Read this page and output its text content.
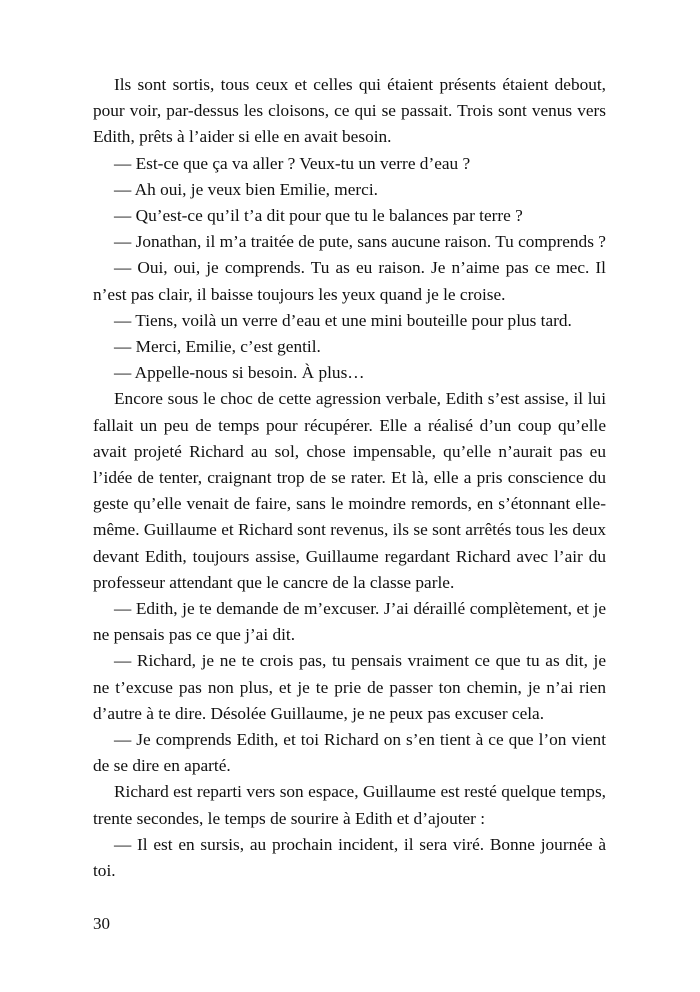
Ils sont sortis, tous ceux et celles qui étaient présents étaient debout, pour voir, par-dessus les cloisons, ce qui se passait. Trois sont venus vers Edith, prêts à l’aider si elle en avait besoin.

— Est-ce que ça va aller ? Veux-tu un verre d’eau ?

— Ah oui, je veux bien Emilie, merci.

— Qu’est-ce qu’il t’a dit pour que tu le balances par terre ?

— Jonathan, il m’a traitée de pute, sans aucune raison. Tu comprends ?

— Oui, oui, je comprends. Tu as eu raison. Je n’aime pas ce mec. Il n’est pas clair, il baisse toujours les yeux quand je le croise.

— Tiens, voilà un verre d’eau et une mini bouteille pour plus tard.

— Merci, Emilie, c’est gentil.

— Appelle-nous si besoin. À plus…

Encore sous le choc de cette agression verbale, Edith s’est assise, il lui fallait un peu de temps pour récupérer. Elle a réalisé d’un coup qu’elle avait projeté Richard au sol, chose impensable, qu’elle n’aurait pas eu l’idée de tenter, craignant trop de se rater. Et là, elle a pris conscience du geste qu’elle venait de faire, sans le moindre remords, en s’étonnant elle-même. Guillaume et Richard sont revenus, ils se sont arrêtés tous les deux devant Edith, toujours assise, Guillaume regardant Richard avec l’air du professeur attendant que le cancre de la classe parle.

— Edith, je te demande de m’excuser. J’ai déraillé complètement, et je ne pensais pas ce que j’ai dit.

— Richard, je ne te crois pas, tu pensais vraiment ce que tu as dit, je ne t’excuse pas non plus, et je te prie de passer ton chemin, je n’ai rien d’autre à te dire. Désolée Guillaume, je ne peux pas excuser cela.

— Je comprends Edith, et toi Richard on s’en tient à ce que l’on vient de se dire en aparté.

Richard est reparti vers son espace, Guillaume est resté quelque temps, trente secondes, le temps de sourire à Edith et d’ajouter :

— Il est en sursis, au prochain incident, il sera viré. Bonne journée à toi.

30
